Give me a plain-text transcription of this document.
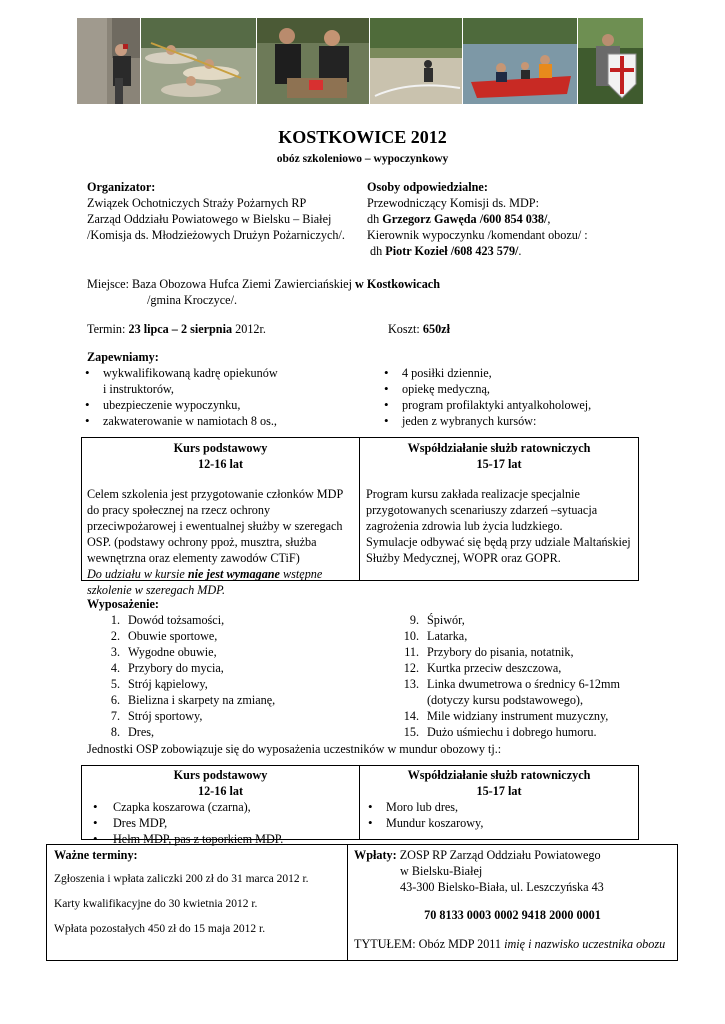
KOSTKOWICE 2012
obóz szkoleniowo – wypoczynkowy
Organizator:
Związek Ochotniczych Straży Pożarnych RP
Zarząd Oddziału Powiatowego w Bielsku – Białej
/Komisja ds. Młodzieżowych Drużyn Pożarniczych/.
Osoby odpowiedzialne:
Przewodniczący Komisji ds. MDP:
dh Grzegorz Gawęda /600 854 038/,
Kierownik wypoczynku /komendant obozu/ :
dh Piotr Kozieł /608 423 579/.
Miejsce: Baza Obozowa Hufca Ziemi Zawierciańskiej w Kostkowicach
/gmina Kroczyce/.
Termin: 23 lipca – 2 sierpnia 2012r.	Koszt: 650zł
Zapewniamy:
• wykwalifikowaną kadrę opiekunów
i instruktorów,
• ubezpieczenie wypoczynku,
• zakwaterowanie w namiotach 8 os.,
• 4 posiłki dziennie,
• opiekę medyczną,
• program profilaktyki antyalkoholowej,
• jeden z wybranych kursów:
Kurs podstawowy
12-16 lat
Celem szkolenia jest przygotowanie członków MDP do pracy społecznej na rzecz ochrony przeciwpożarowej i ewentualnej służby w szeregach OSP. (podstawy ochrony ppoż, musztra, służba wewnętrzna oraz elementy zawodów CTiF)
Do udziału w kursie nie jest wymagane wstępne szkolenie w szeregach MDP.
Współdziałanie służb ratowniczych
15-17 lat
Program kursu zakłada realizacje specjalnie przygotowanych scenariuszy zdarzeń –sytuacja zagrożenia zdrowia lub życia ludzkiego.
Symulacje odbywać się będą przy udziale Maltańskiej Służby Medycznej, WOPR oraz GOPR.
Wyposażenie:
1. Dowód tożsamości,
2. Obuwie sportowe,
3. Wygodne obuwie,
4. Przybory do mycia,
5. Strój kąpielowy,
6. Bielizna i skarpety na zmianę,
7. Strój sportowy,
8. Dres,
9. Śpiwór,
10. Latarka,
11. Przybory do pisania, notatnik,
12. Kurtka przeciw deszczowa,
13. Linka dwumetrowa o średnicy 6-12mm
(dotyczy kursu podstawowego),
14. Mile widziany instrument muzyczny,
15. Dużo uśmiechu i dobrego humoru.
Jednostki OSP zobowiązuje się do wyposażenia uczestników w mundur obozowy tj.:
Kurs podstawowy
12-16 lat
• Czapka koszarowa (czarna),
• Dres MDP,
• Hełm MDP, pas z toporkiem MDP.
Współdziałanie służb ratowniczych
15-17 lat
• Moro lub dres,
• Mundur koszarowy,
Ważne terminy:
Zgłoszenia i wpłata zaliczki 200 zł do 31 marca 2012 r.
Karty kwalifikacyjne do 30 kwietnia 2012 r.
Wpłata pozostałych 450 zł do 15 maja 2012 r.
Wpłaty: ZOSP RP Zarząd Oddziału Powiatowego
w Bielsku-Białej
43-300 Bielsko-Biała, ul. Leszczyńska 43
70 8133 0003 0002 9418 2000 0001
TYTUŁEM: Obóz MDP 2011 imię i nazwisko uczestnika obozu
